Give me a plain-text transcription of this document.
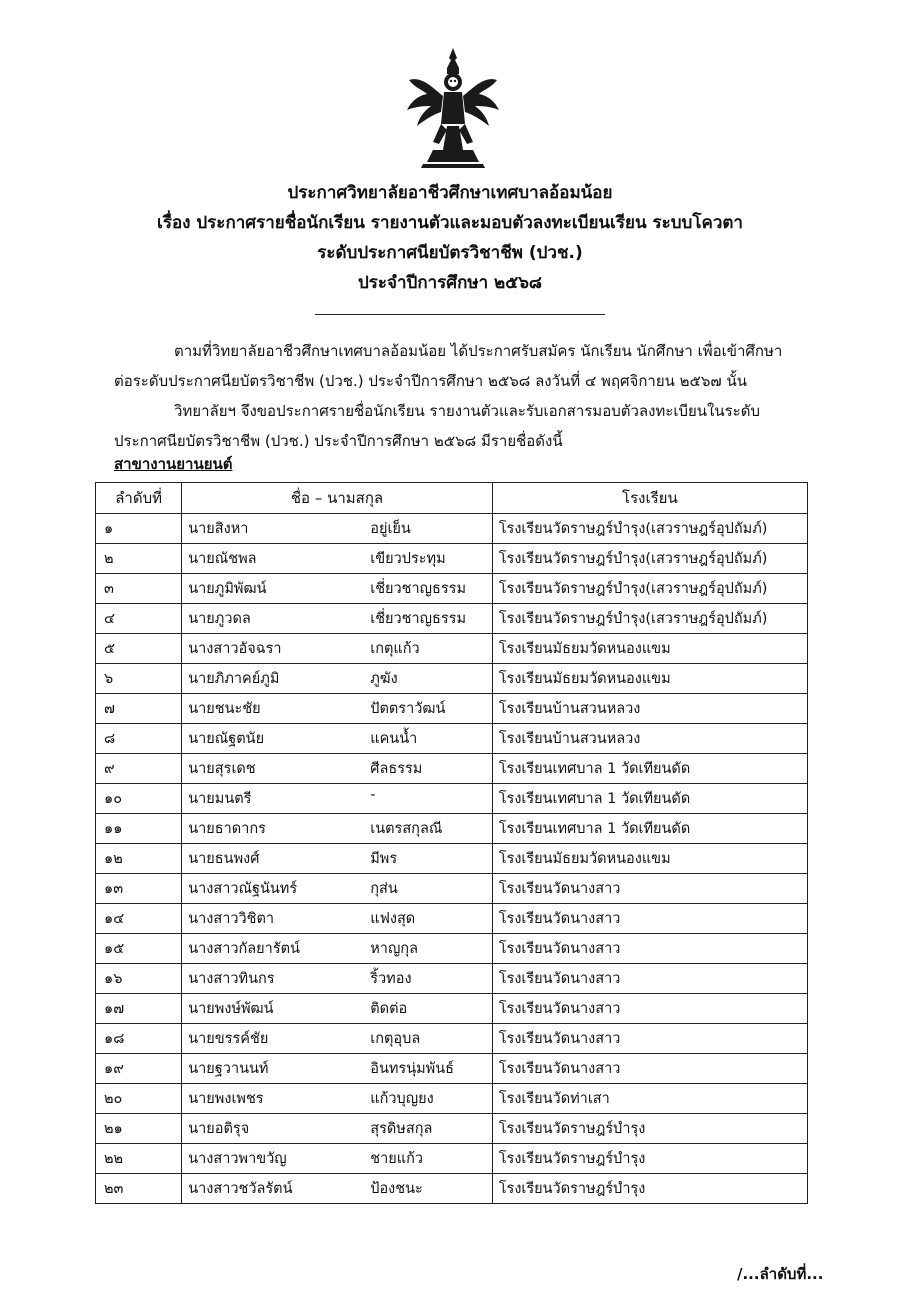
ประกาศวิทยาลัยอาชีวศึกษาเทศบาลอ้อมน้อย
เรื่อง ประกาศรายชื่อนักเรียน รายงานตัวและมอบตัวลงทะเบียนเรียน ระบบโควตา
ระดับประกาศนียบัตรวิชาชีพ (ปวช.)
ประจำปีการศึกษา ๒๕๖๘
ตามที่วิทยาลัยอาชีวศึกษาเทศบาลอ้อมน้อย ได้ประกาศรับสมัคร นักเรียน นักศึกษา เพื่อเข้าศึกษา
ต่อระดับประกาศนียบัตรวิชาชีพ (ปวช.) ประจำปีการศึกษา ๒๕๖๘ ลงวันที่ ๔ พฤศจิกายน ๒๕๖๗ นั้น
วิทยาลัยฯ จึงขอประกาศรายชื่อนักเรียน รายงานตัวและรับเอกสารมอบตัวลงทะเบียนในระดับ
ประกาศนียบัตรวิชาชีพ (ปวช.) ประจำปีการศึกษา ๒๕๖๘ มีรายชื่อดังนี้
สาขางานยานยนต์
ลำดับที่	ชื่อ – นามสกุล	โรงเรียน
๑	นายสิงหา อยู่เย็น	โรงเรียนวัดราษฎร์บำรุง(เสวราษฎร์อุปถัมภ์)
๒	นายณัชพล เขียวประทุม	โรงเรียนวัดราษฎร์บำรุง(เสวราษฎร์อุปถัมภ์)
๓	นายภูมิพัฒน์ เชี่ยวชาญธรรม	โรงเรียนวัดราษฎร์บำรุง(เสวราษฎร์อุปถัมภ์)
๔	นายภูวดล เชี่ยวชาญธรรม	โรงเรียนวัดราษฎร์บำรุง(เสวราษฎร์อุปถัมภ์)
๕	นางสาวอัจฉรา เกตุแก้ว	โรงเรียนมัธยมวัดหนองแขม
๖	นายภิภาคย์ภูมิ ภูฆัง	โรงเรียนมัธยมวัดหนองแขม
๗	นายชนะชัย ปัตตราวัฒน์	โรงเรียนบ้านสวนหลวง
๘	นายณัฐตนัย แคนน้ำ	โรงเรียนบ้านสวนหลวง
๙	นายสุรเดช ศีลธรรม	โรงเรียนเทศบาล 1 วัดเทียนดัด
๑๐	นายมนตรี -	โรงเรียนเทศบาล 1 วัดเทียนดัด
๑๑	นายธาดากร เนตรสกุลณี	โรงเรียนเทศบาล 1 วัดเทียนดัด
๑๒	นายธนพงศ์ มีพร	โรงเรียนมัธยมวัดหนองแขม
๑๓	นางสาวณัฐนันทร์ กุส่น	โรงเรียนวัดนางสาว
๑๔	นางสาววิชิตา แฟงสุด	โรงเรียนวัดนางสาว
๑๕	นางสาวกัลยารัตน์ หาญกุล	โรงเรียนวัดนางสาว
๑๖	นางสาวทินกร ริ้วทอง	โรงเรียนวัดนางสาว
๑๗	นายพงษ์พัฒน์ ติดต่อ	โรงเรียนวัดนางสาว
๑๘	นายขรรค์ชัย เกตุอุบล	โรงเรียนวัดนางสาว
๑๙	นายฐวานนท์ อินทรนุ่มพันธ์	โรงเรียนวัดนางสาว
๒๐	นายพงเพชร แก้วบุญยง	โรงเรียนวัดท่าเสา
๒๑	นายอติรุจ สุรดิษสกุล	โรงเรียนวัดราษฎร์บำรุง
๒๒	นางสาวพาขวัญ ชายแก้ว	โรงเรียนวัดราษฎร์บำรุง
๒๓	นางสาวชวัลรัตน์ ป้องชนะ	โรงเรียนวัดราษฎร์บำรุง
/...ลำดับที่...
